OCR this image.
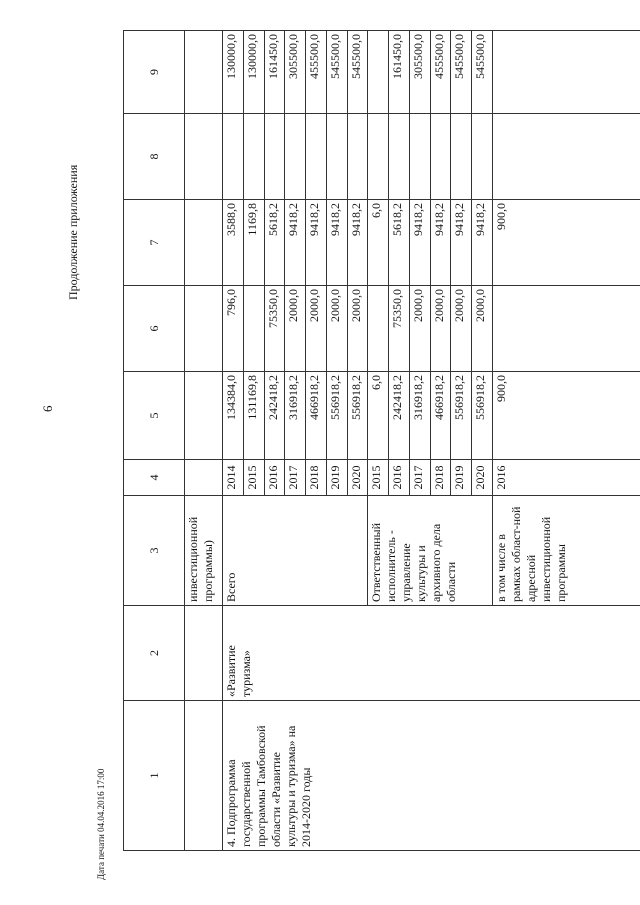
6
Продолжение приложения
Дата печати 04.04.2016 17:00	1	2	3	4	5	6	7	8	9
		инвестиционной программы)						
4. Подпрограмма государственной программы Тамбовской области «Развитие культуры и туризма» на 2014-2020 годы	«Развитие туризма»	Всего	2014	134384,0	796,0	3588,0		130000,0
			2015	131169,8		1169,8		130000,0
			2016	242418,2	75350,0	5618,2		161450,0
			2017	316918,2	2000,0	9418,2		305500,0
			2018	466918,2	2000,0	9418,2		455500,0
			2019	556918,2	2000,0	9418,2		545500,0
			2020	556918,2	2000,0	9418,2		545500,0
		Ответственный исполнитель - управление культуры и архивного дела области	2015	6,0		6,0		
			2016	242418,2	75350,0	5618,2		161450,0
			2017	316918,2	2000,0	9418,2		305500,0
			2018	466918,2	2000,0	9418,2		455500,0
			2019	556918,2	2000,0	9418,2		545500,0
			2020	556918,2	2000,0	9418,2		545500,0
		в том числе в рамках област-ной адресной инвестиционной программы	2016	900,0		900,0		
